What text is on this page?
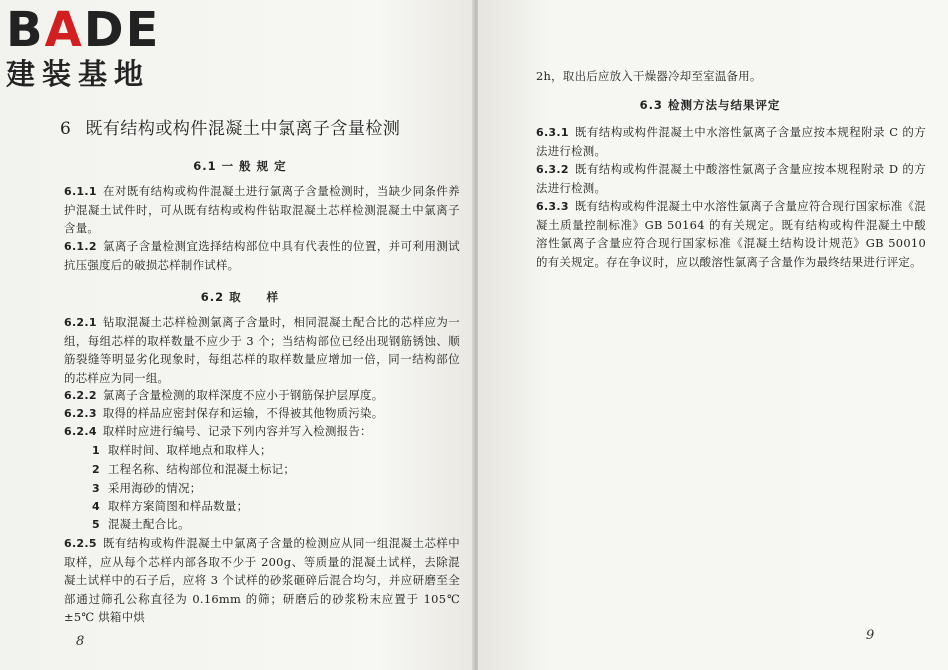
BADE
建装基地
6 既有结构或构件混凝土中氯离子含量检测
6.1 一 般 规 定
6.1.1 在对既有结构或构件混凝土进行氯离子含量检测时，当缺少同条件养护混凝土试件时，可从既有结构或构件钻取混凝土芯样检测混凝土中氯离子含量。
6.1.2 氯离子含量检测宜选择结构部位中具有代表性的位置，并可利用测试抗压强度后的破损芯样制作试样。
6.2 取　　样
6.2.1 钻取混凝土芯样检测氯离子含量时，相同混凝土配合比的芯样应为一组，每组芯样的取样数量不应少于 3 个；当结构部位已经出现钢筋锈蚀、顺筋裂缝等明显劣化现象时，每组芯样的取样数量应增加一倍，同一结构部位的芯样应为同一组。
6.2.2 氯离子含量检测的取样深度不应小于钢筋保护层厚度。
6.2.3 取得的样品应密封保存和运输，不得被其他物质污染。
6.2.4 取样时应进行编号、记录下列内容并写入检测报告：
1 取样时间、取样地点和取样人；
2 工程名称、结构部位和混凝土标记；
3 采用海砂的情况；
4 取样方案简图和样品数量；
5 混凝土配合比。
6.2.5 既有结构或构件混凝土中氯离子含量的检测应从同一组混凝土芯样中取样，应从每个芯样内部各取不少于 200g、等质量的混凝土试样，去除混凝土试样中的石子后，应将 3 个试样的砂浆砸碎后混合均匀，并应研磨至全部通过筛孔公称直径为 0.16mm 的筛；研磨后的砂浆粉末应置于 105℃±5℃ 烘箱中烘
8
2h，取出后应放入干燥器冷却至室温备用。
6.3 检测方法与结果评定
6.3.1 既有结构或构件混凝土中水溶性氯离子含量应按本规程附录 C 的方法进行检测。
6.3.2 既有结构或构件混凝土中酸溶性氯离子含量应按本规程附录 D 的方法进行检测。
6.3.3 既有结构或构件混凝土中水溶性氯离子含量应符合现行国家标准《混凝土质量控制标准》GB 50164 的有关规定。既有结构或构件混凝土中酸溶性氯离子含量应符合现行国家标准《混凝土结构设计规范》GB 50010 的有关规定。存在争议时，应以酸溶性氯离子含量作为最终结果进行评定。
9
